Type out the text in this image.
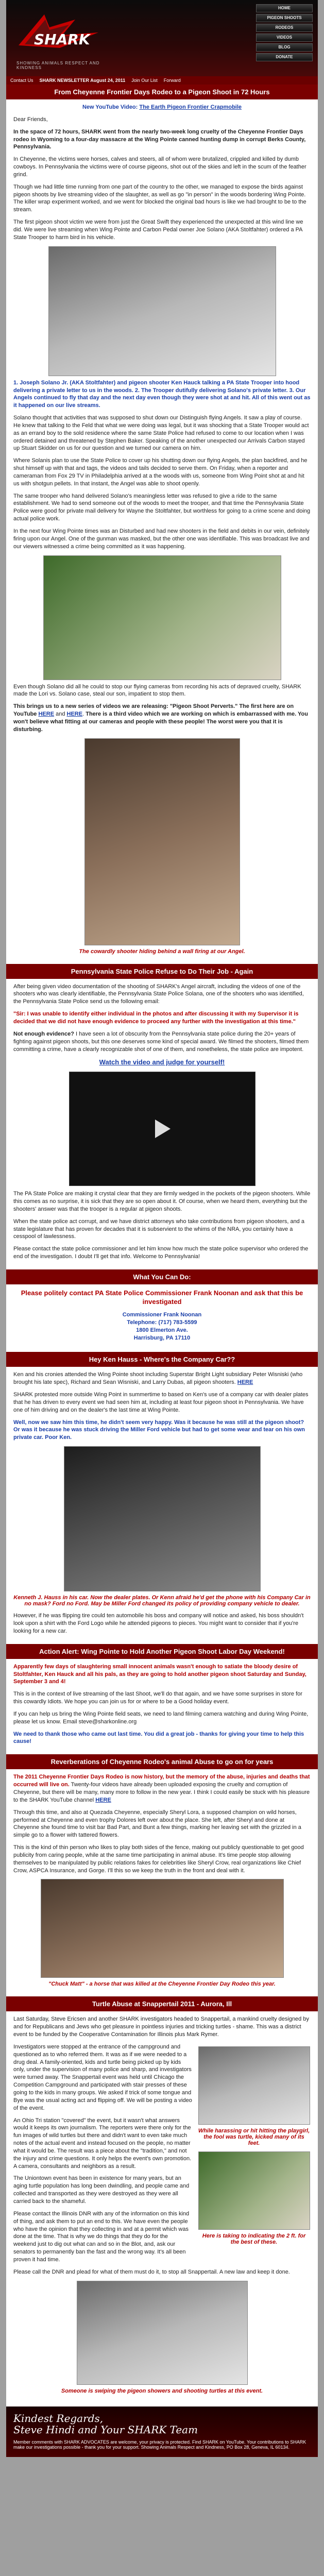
SHARK
SHOWING ANIMALS RESPECT AND KINDNESS
HOME
PIGEON SHOOTS
RODEOS
VIDEOS
BLOG
DONATE
Contact Us SHARK NEWSLETTER August 24, 2011 Join Our List Forward
From Cheyenne Frontier Days Rodeo to a Pigeon Shoot in 72 Hours

New YouTube Video: The Earth Pigeon Frontier Crapmobile

Dear Friends,

In the space of 72 hours, SHARK went from the nearly two-week long cruelty of the Cheyenne Frontier Days rodeo in Wyoming to a four-day massacre at the Wing Pointe canned hunting dump in corrupt Berks County, Pennsylvania.

In Cheyenne, the victims were horses, calves and steers, all of whom were brutalized, crippled and killed by dumb cowboys. In Pennsylvania the victims were of course pigeons, shot out of the skies and left in the scum of the feather grind.

Though we had little time running from one part of the country to the other, we managed to expose the birds against pigeon shoots by live streaming video of the slaughter, as well as go "in person" in the woods bordering Wing Pointe. The killer wrap experiment worked, and we went for blocked the original bad hours is like we had brought to be to the stream.

The first pigeon shoot victim we were from just the Great Swift they experienced the unexpected at this wind line we did. We were live streaming when Wing Pointe and Carbon Pedal owner Joe Solano (AKA Stoltfahter) ordered a PA State Trooper to harm bird in his vehicle.

1. Joseph Solano Jr. (AKA Stoltfahter) and pigeon shooter Ken Hauck talking a PA State Trooper into hood delivering a private letter to us in the woods. 2. The Trooper dutifully delivering Solano's private letter. 3. Our Angels continued to fly that day and the next day even though they were shot at and hit. All of this went out as it happened on our live streams.

Solano thought that activities that was supposed to shut down our Distinguish flying Angels. It saw a play of course. He knew that talking to the Feld that what we were doing was legal, but it was shocking that a State Trooper would act as an errand boy to the sold residence where the same State Police had refused to come to our location when I was ordered detained and threatened by Stephen Baker. Speaking of the another unexpected our Arrivals Carbon stayed up Stuart Skidder on us for our question and we turned our camera on him.

Where Solanis plan to use the State Police to cover up his shutting down our flying Angels, the plan backfired, and he shut himself up with that and tags, the videos and tails decided to serve them. On Friday, when a reporter and cameraman from Fox 29 TV in Philadelphia arrived at a the woods with us, someone from Wing Point shot at and hit us with shotgun pellets. In that instant, the Angel was able to shoot openly.

The same trooper who hand delivered Solano's meaningless letter was refused to give a ride to the same establishment. We had to send someone out of the woods to meet the trooper, and that time the Pennsylvania State Police were good for private mail delivery for Wayne the Stoltfahter, but worthless for going to a crime scene and doing actual police work.

In the next four Wing Pointe times was an Disturbed and had new shooters in the field and debits in our vein, definitely firing upon our Angel. One of the gunman was masked, but the other one was identifiable. This was broadcast live and our viewers witnessed a crime being committed as it was happening.

Even though Solano did all he could to stop our flying cameras from recording his acts of depraved cruelty, SHARK made the Lori vs. Solano case, steal our son, impatient to stop them.

This brings us to a new series of videos we are releasing: "Pigeon Shoot Perverts." The first here are on YouTube HERE and HERE. There is a third video which we are working on which is embarrassed with me. You won't believe what fitting at our cameras and people with these people! The worst were you that it is disturbing.

The cowardly shooter hiding behind a wall firing at our Angel.
Pennsylvania State Police Refuse to Do Their Job - Again

After being given video documentation of the shooting of SHARK's Angel aircraft, including the videos of one of the shooters who was clearly identifiable, the Pennsylvania State Police Solana, one of the shooters who was identified, the Pennsylvania State Police send us the following email:

"Sir: I was unable to identify either individual in the photos and after discussing it with my Supervisor it is decided that we did not have enough evidence to proceed any further with the investigation at this time."

Not enough evidence? I have seen a lot of obscurity from the Pennsylvania state police during the 20+ years of fighting against pigeon shoots, but this one deserves some kind of special award. We filmed the shooters, filmed them committing a crime, have a clearly recognizable shot of one of them, and nonetheless, the state police are impotent.

Watch the video and judge for yourself!

The PA State Police are making it crystal clear that they are firmly wedged in the pockets of the pigeon shooters. While this comes as no surprise, it is sick that they are so open about it. Of course, when we heard them, everything but the shooters' answer was that the trooper is a regular at pigeon shoots.

When the state police act corrupt, and we have district attorneys who take contributions from pigeon shooters, and a state legislature that has proven for decades that it is subservient to the whims of the NRA, you certainly have a cesspool of lawlessness.

Please contact the state police commissioner and let him know how much the state police supervisor who ordered the end of the investigation. I doubt I'll get that info. Welcome to Pennsylvania!

What You Can Do:

Please politely contact PA State Police Commissioner Frank Noonan and ask that this be investigated

Commissioner Frank Noonan
Telephone: (717) 783-5599
1800 Elmerton Ave.
Harrisburg, PA 17110
Hey Ken Hauss - Where's the Company Car??

Ken and his cronies attended the Wing Pointe shoot including Superstar Bright Light subsidiary Peter Wisniski (who brought his late spec), Richard and Sean Wisniski, and Larry Dubas, all pigeon shooters. HERE

SHARK protested more outside Wing Point in summertime to based on Ken's use of a company car with dealer plates that he has driven to every event we had seen him at, including at least four pigeon shoot in Pennsylvania. We have one of him driving and on the dealer's the last time at Wing Pointe.

Well, now we saw him this time, he didn't seem very happy. Was it because he was still at the pigeon shoot? Or was it because he was stuck driving the Miller Ford vehicle but had to get some wear and tear on his own private car. Poor Ken.

Kenneth J. Hauss in his car. Now the dealer plates. Or Kenn afraid he'd get the phone with his Company Car in no mask? Ford no Ford. May be Miller Ford changed its policy of providing company vehicle to dealer.

However, if he was flipping tire could ten automobile his boss and company will notice and asked, his boss shouldn't look upon a shirt with the Ford Logo while he attended pigeons to pieces. You might want to consider that if you're looking for a new car.

Action Alert: Wing Pointe to Hold Another Pigeon Shoot Labor Day Weekend!

Apparently few days of slaughtering small innocent animals wasn't enough to satiate the bloody desire of Stoltfahter, Ken Hauck and all his pals, as they are going to hold another pigeon shoot Saturday and Sunday, September 3 and 4!

This is in the context of live streaming of the last Shoot, we'll do that again, and we have some surprises in store for this cowardly Idiots. We hope you can join us for or where to be a Good holiday event.

If you can help us bring the Wing Pointe field seats, we need to land filming camera watching and during Wing Pointe, please let us know. Email steve@sharkonline.org

We need to thank those who came out last time. You did a great job - thanks for giving your time to help this cause!

Reverberations of Cheyenne Rodeo's animal Abuse to go on for years

The 2011 Cheyenne Frontier Days Rodeo is now history, but the memory of the abuse, injuries and deaths that occurred will live on. Twenty-four videos have already been uploaded exposing the cruelty and corruption of Cheyenne, but there will be many, many more to follow in the new year. I think I could easily be stuck with his pleasure to the SHARK YouTube channel HERE

Through this time, and also at Quezada Cheyenne, especially Sheryl Lora, a supposed champion on wild horses, performed at Cheyenne and even trophy Dolores left over about the place. She left, after Sheryl and done at Cheyenne she found time to visit bar Bad Part, and Bunt a few things, marking her leaving set with the grizzled in a simple go to a flower with tattered flowers.

This is the kind of thin person who likes to play both sides of the fence, making out publicly questionable to get good publicity from caring people, while at the same time participating in animal abuse. It's time people stop allowing themselves to be manipulated by public relations fakes for celebrities like Sheryl Crow, real organizations like Chief Crow, ASPCA Insurance, and Gorge. I'll this so we keep the truth in the front and deal with it.

"Chuck Matt" - a horse that was killed at the Cheyenne Frontier Day Rodeo this year.
Turtle Abuse at Snappertail 2011 - Aurora, Ill

Last Saturday, Steve Ericsen and another SHARK investigators headed to Snappertail, a mankind cruelty designed by and for Republicans and Jews who get pleasure in pointless injuries and tricking turtles - shame. This was a district event to be funded by the Cooperative Contamination for Illinois plus Mark Rymer.

Investigators were stopped at the entrance of the campground and questioned as to who referred them. It was as if we were needed to a drug deal. A family-oriented, kids and turtle being picked up by kids only, under the supervision of many police and sharp, and investigators were turned away. The Snappertail event was held until Chicago the Competition Campground and participated with stair presses of these going to the kids in many groups. We asked if trick of some tongue and Bye was the usual acting act and flipping off. We will be posting a video of the event.

An Ohio Tri station "covered" the event, but it wasn't what answers would it keeps its own journalism. The reporters were there only for the fun images of wild turtles but there and didn't want to even take much notes of the actual event and instead focused on the people, no matter what it would be. The result was a piece about the "tradition," and not the injury and crime questions. It only helps the event's own promotion. A camera, consultants and neighbors as a result.

The Uniontown event has been in existence for many years, but an aging turtle population has long been dwindling, and people came and collected and transported as they were destroyed as they were all carried back to the shameful.

Please contact the Illinois DNR with any of the information on this kind of thing, and ask them to put an end to this. We have even the people who have the opinion that they collecting in and at a permit which was done at the time. That is why we do things that they do for the weekend just to dig out what can and so in the Blot, and, ask our senators to permanently ban the fast and the wrong way. It's all been proven it had time.

While harassing or hit hitting the playgirl, the fool was turtle, kicked many of its feet.
Here is taking to indicating the 2 ft. for the best of these.

Please call the DNR and plead for what of them must do it, to stop all Snappertail. A new law and keep it done.

Someone is swiping the pigeon showers and shooting turtles at this event.
Kindest Regards,
Steve Hindi and Your SHARK Team
Member comments with SHARK ADVOCATES are welcome, your privacy is protected. Find SHARK on YouTube. Your contributions to SHARK make our investigations possible - thank you for your support. Showing Animals Respect and Kindness, PO Box 28, Geneva, IL 60134.
